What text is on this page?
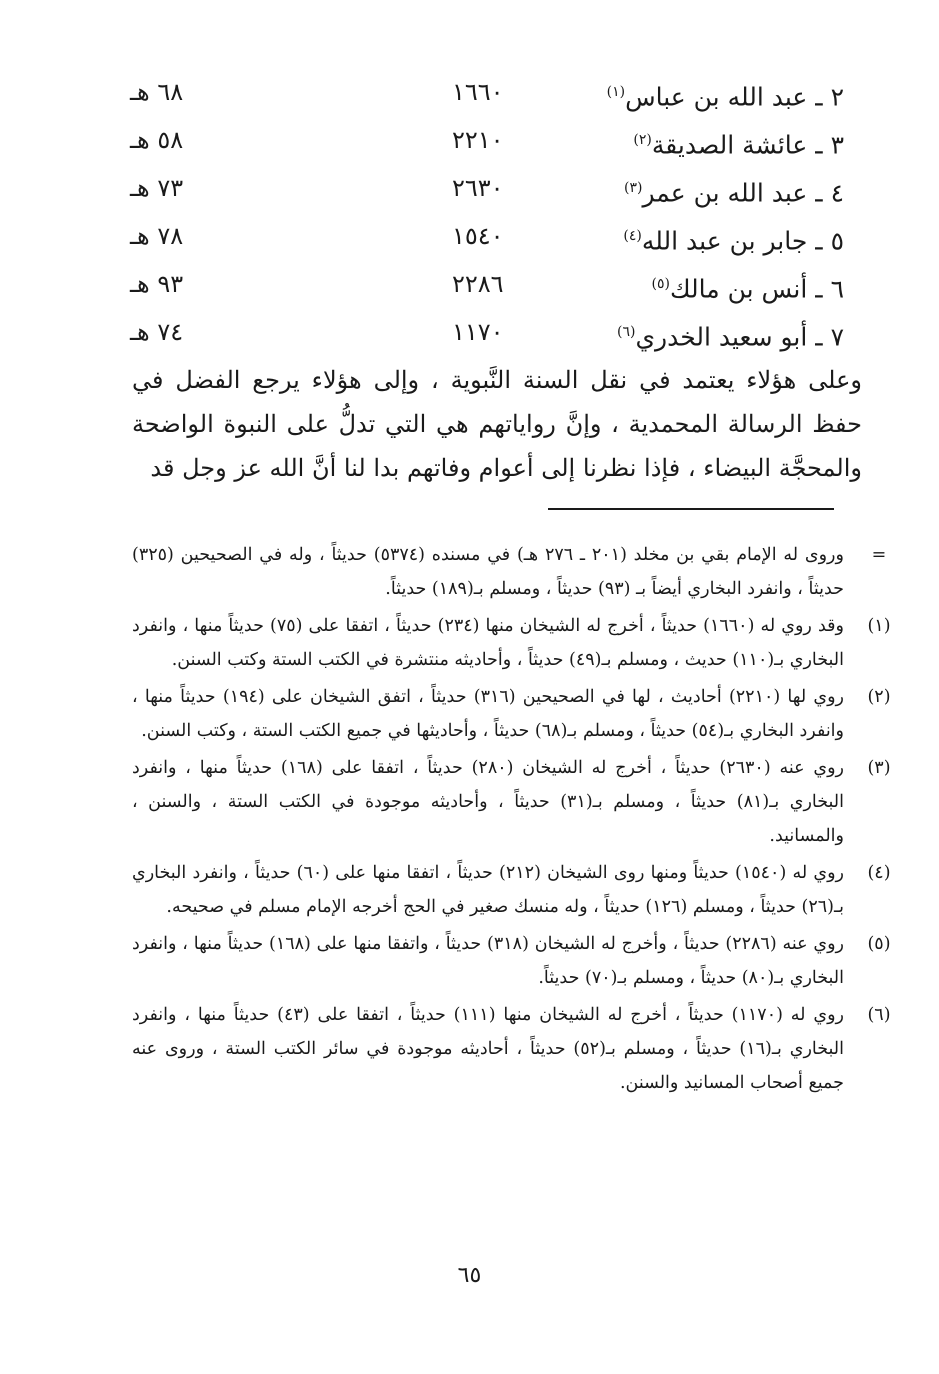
٢ ـ عبد الله بن عباس$^{(١)}$
١٦٦٠
٦٨ هـ
٣ ـ عائشة الصديقة$^{(٢)}$
٢٢١٠
٥٨ هـ
٤ ـ عبد الله بن عمر$^{(٣)}$
٢٦٣٠
٧٣ هـ
٥ ـ جابر بن عبد الله$^{(٤)}$
١٥٤٠
٧٨ هـ
٦ ـ أنس بن مالك$^{(٥)}$
٢٢٨٦
٩٣ هـ
٧ ـ أبو سعيد الخدري$^{(٦)}$
١١٧٠
٧٤ هـ

وعلى هؤلاء يعتمد في نقل السنة النَّبوية ، وإلى هؤلاء يرجع الفضل في حفظ الرسالة المحمدية ، وإنَّ رواياتهم هي التي تدلُّ على النبوة الواضحة والمحجَّة البيضاء ، فإذا نظرنا إلى أعوام وفاتهم بدا لنا أنَّ الله عز وجل قد

=
وروى له الإمام بقي بن مخلد (٢٠١ ـ ٢٧٦ هـ) في مسنده (٥٣٧٤) حديثاً ، وله في الصحيحين (٣٢٥) حديثاً ، وانفرد البخاري أيضاً بـ (٩٣) حديثاً ، ومسلم بـ(١٨٩) حديثاً.
(١)
وقد روي له (١٦٦٠) حديثاً ، أخرج له الشيخان منها (٢٣٤) حديثاً ، اتفقا على (٧٥) حديثاً منها ، وانفرد البخاري بـ(١١٠) حديث ، ومسلم بـ(٤٩) حديثاً ، وأحاديثه منتشرة في الكتب الستة وكتب السنن.
(٢)
روي لها (٢٢١٠) أحاديث ، لها في الصحيحين (٣١٦) حديثاً ، اتفق الشيخان على (١٩٤) حديثاً منها ، وانفرد البخاري بـ(٥٤) حديثاً ، ومسلم بـ(٦٨) حديثاً ، وأحاديثها في جميع الكتب الستة ، وكتب السنن.
(٣)
روي عنه (٢٦٣٠) حديثاً ، أخرج له الشيخان (٢٨٠) حديثاً ، اتفقا على (١٦٨) حديثاً منها ، وانفرد البخاري بـ(٨١) حديثاً ، ومسلم بـ(٣١) حديثاً ، وأحاديثه موجودة في الكتب الستة ، والسنن ، والمسانيد.
(٤)
روي له (١٥٤٠) حديثاً ومنها روى الشيخان (٢١٢) حديثاً ، اتفقا منها على (٦٠) حديثاً ، وانفرد البخاري بـ(٢٦) حديثاً ، ومسلم (١٢٦) حديثاً ، وله منسك صغير في الحج أخرجه الإمام مسلم في صحيحه.
(٥)
روي عنه (٢٢٨٦) حديثاً ، وأخرج له الشيخان (٣١٨) حديثاً ، واتفقا منها على (١٦٨) حديثاً منها ، وانفرد البخاري بـ(٨٠) حديثاً ، ومسلم بـ(٧٠) حديثاً.
(٦)
روي له (١١٧٠) حديثاً ، أخرج له الشيخان منها (١١١) حديثاً ، اتفقا على (٤٣) حديثاً منها ، وانفرد البخاري بـ(١٦) حديثاً ، ومسلم بـ(٥٢) حديثاً ، أحاديثه موجودة في سائر الكتب الستة ، وروى عنه جميع أصحاب المسانيد والسنن.
٦٥
